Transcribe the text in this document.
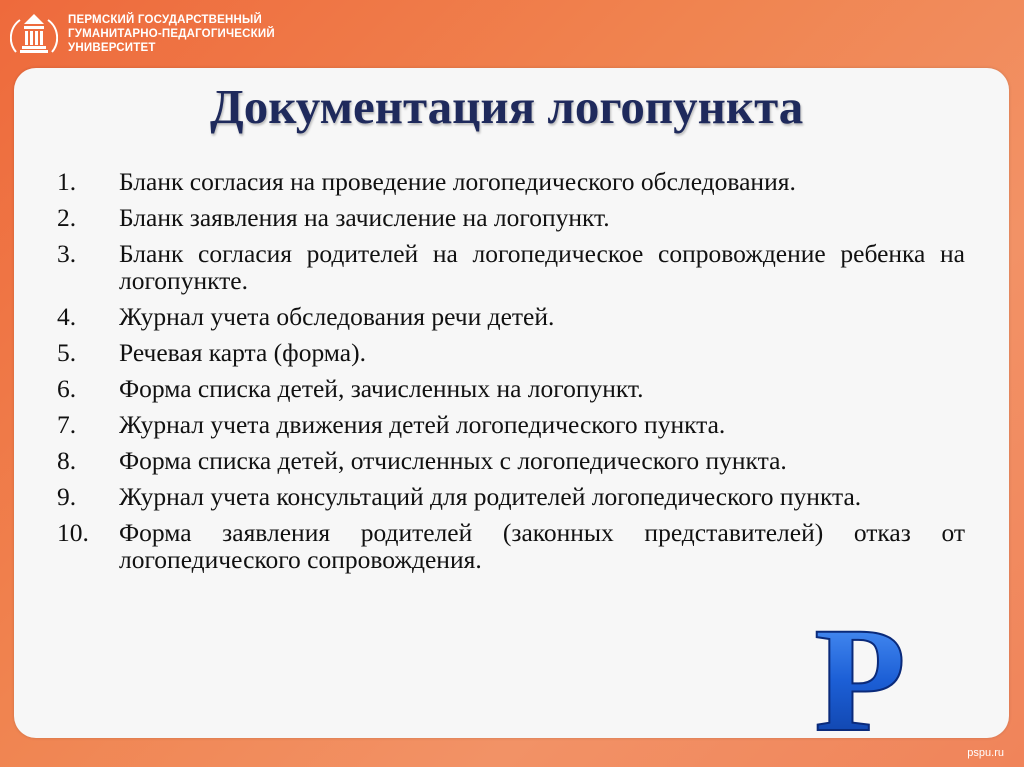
ПЕРМСКИЙ ГОСУДАРСТВЕННЫЙ
ГУМАНИТАРНО-ПЕДАГОГИЧЕСКИЙ
УНИВЕРСИТЕТ
Документация логопункта
1. Бланк согласия на проведение логопедического обследования.
2. Бланк заявления на зачисление на логопункт.
3. Бланк согласия родителей на логопедическое сопровождение ребенка на логопункте.
4. Журнал учета обследования речи детей.
5. Речевая карта (форма).
6. Форма списка детей, зачисленных на логопункт.
7. Журнал учета движения детей логопедического пункта.
8. Форма списка детей, отчисленных с логопедического пункта.
9. Журнал учета консультаций для родителей логопедического пункта.
10. Форма заявления родителей (законных представителей) отказ от логопедического сопровождения.
Р	pspu.ru
